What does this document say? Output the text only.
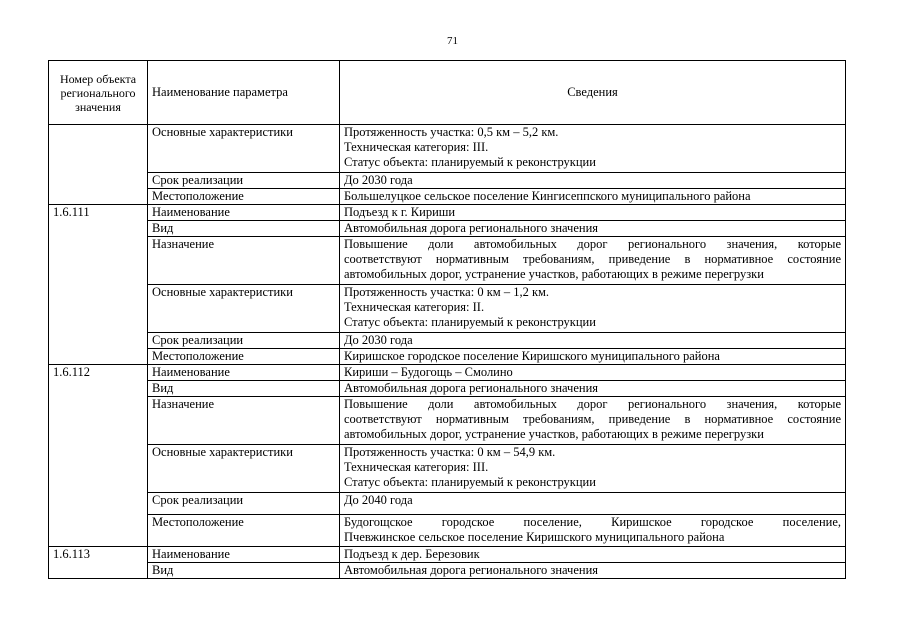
71
Номер объекта регионального значения	Наименование параметра	Сведения
	Основные характеристики	Протяженность участка: 0,5 км – 5,2 км.
Техническая категория: III.
Статус объекта: планируемый к реконструкции

	Срок реализации	До 2030 года

	Местоположение	Большелуцкое сельское поселение Кингисеппского муниципального района

1.6.111	Наименование	Подъезд к г. Кириши

	Вид	Автомобильная дорога регионального значения

	Назначение	Повышение доли автомобильных дорог регионального значения, которые
соответствуют нормативным требованиям, приведение в нормативное состояние
автомобильных дорог, устранение участков, работающих в режиме перегрузки

	Основные характеристики	Протяженность участка: 0 км – 1,2 км.
Техническая категория: II.
Статус объекта: планируемый к реконструкции

	Срок реализации	До 2030 года

	Местоположение	Киришское городское поселение Киришского муниципального района

1.6.112	Наименование	Кириши – Будогощь – Смолино

	Вид	Автомобильная дорога регионального значения

	Назначение	Повышение доли автомобильных дорог регионального значения, которые
соответствуют нормативным требованиям, приведение в нормативное состояние
автомобильных дорог, устранение участков, работающих в режиме перегрузки

	Основные характеристики	Протяженность участка: 0 км – 54,9 км.
Техническая категория: III.
Статус объекта: планируемый к реконструкции

	Срок реализации	До 2040 года

	Местоположение	Будогощское городское поселение, Киришское городское поселение,
Пчевжинское сельское поселение Киришского муниципального района

1.6.113	Наименование	Подъезд к дер. Березовик

	Вид	Автомобильная дорога регионального значения
